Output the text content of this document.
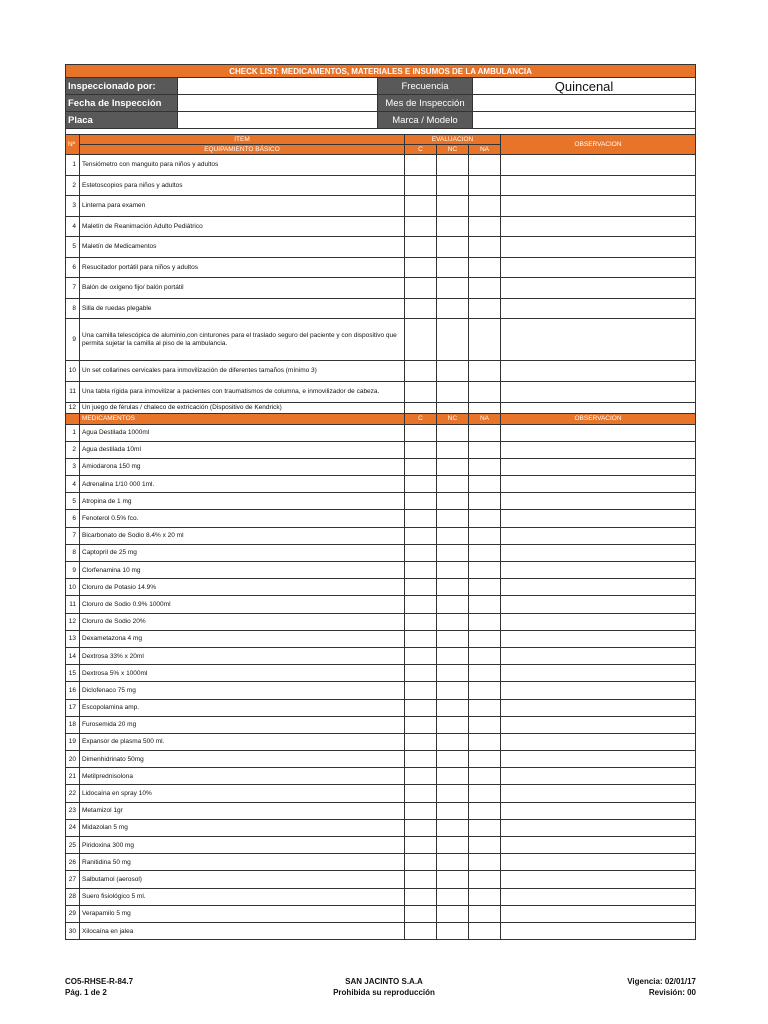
CHECK LIST: MEDICAMENTOS, MATERIALES E INSUMOS DE LA AMBULANCIA			
Inspeccionado por:		Frecuencia	Quincenal
Fecha de Inspección		Mes de Inspección	
Placa		Marca / Modelo	

Nº	ITEM	EVALUACION			OBSERVACION
	EQUIPAMIENTO BÁSICO	C	NC	NA	
1	Tensiómetro con manguito para niños y adultos				
2	Estetoscopios para niños y adultos				
3	Linterna para examen				
4	Maletín de Reanimación Adulto Pediátrico				
5	Maletín de Medicamentos				
6	Resucitador portátil para niños y adultos				
7	Balón de oxígeno fijo/ balón portátil				
8	Silla de ruedas plegable				
9	Una camilla telescópica de aluminio,con cinturones para el traslado seguro del paciente y con dispositivo que permita sujetar la camilla al piso de la ambulancia.				
10	Un set collarines cervicales para inmovilización de diferentes tamaños (mínimo 3)				
11	Una tabla rígida para inmovilizar a pacientes con traumatismos de columna, e inmovilizador de cabeza.				
12	Un juego de férulas / chaleco de extricación (Dispositivo de Kendrick)				
	MEDICAMENTOS	C	NC	NA	OBSERVACION
1	Agua Destilada 1000ml				
2	Agua destilada 10ml				
3	Amiodarona 150 mg				
4	Adrenalina 1/10 000 1ml.				
5	Atropina de 1 mg				
6	Fenoterol 0.5% fco.				
7	Bicarbonato de Sodio 8.4% x 20 ml				
8	Captopril de 25 mg				
9	Clorfenamina 10 mg				
10	Cloruro de Potasio 14.9%				
11	Cloruro de Sodio 0.9% 1000ml				
12	Cloruro de Sodio 20%				
13	Dexametazona 4 mg				
14	Dextrosa 33% x 20ml				
15	Dextrosa 5% x 1000ml				
16	Diclofenaco 75 mg				
17	Escopolamina amp.				
18	Furosemida 20 mg				
19	Expansor de plasma 500 ml.				
20	Dimenhidrinato 50mg				
21	Metilprednisolona				
22	Lidocaína en spray 10%				
23	Metamizol 1gr				
24	Midazolan 5 mg				
25	Piridoxina 300 mg				
26	Ranitidina 50 mg				
27	Salbutamol (aerosol)				
28	Suero fisiológico 5 ml.				
29	Verapamilo 5 mg				
30	Xilocaína en jalea				
CO5-RHSE-R-84.7
Pág. 1 de 2
SAN JACINTO S.A.A
Prohibida su reproducción
Vigencia: 02/01/17
Revisión: 00
